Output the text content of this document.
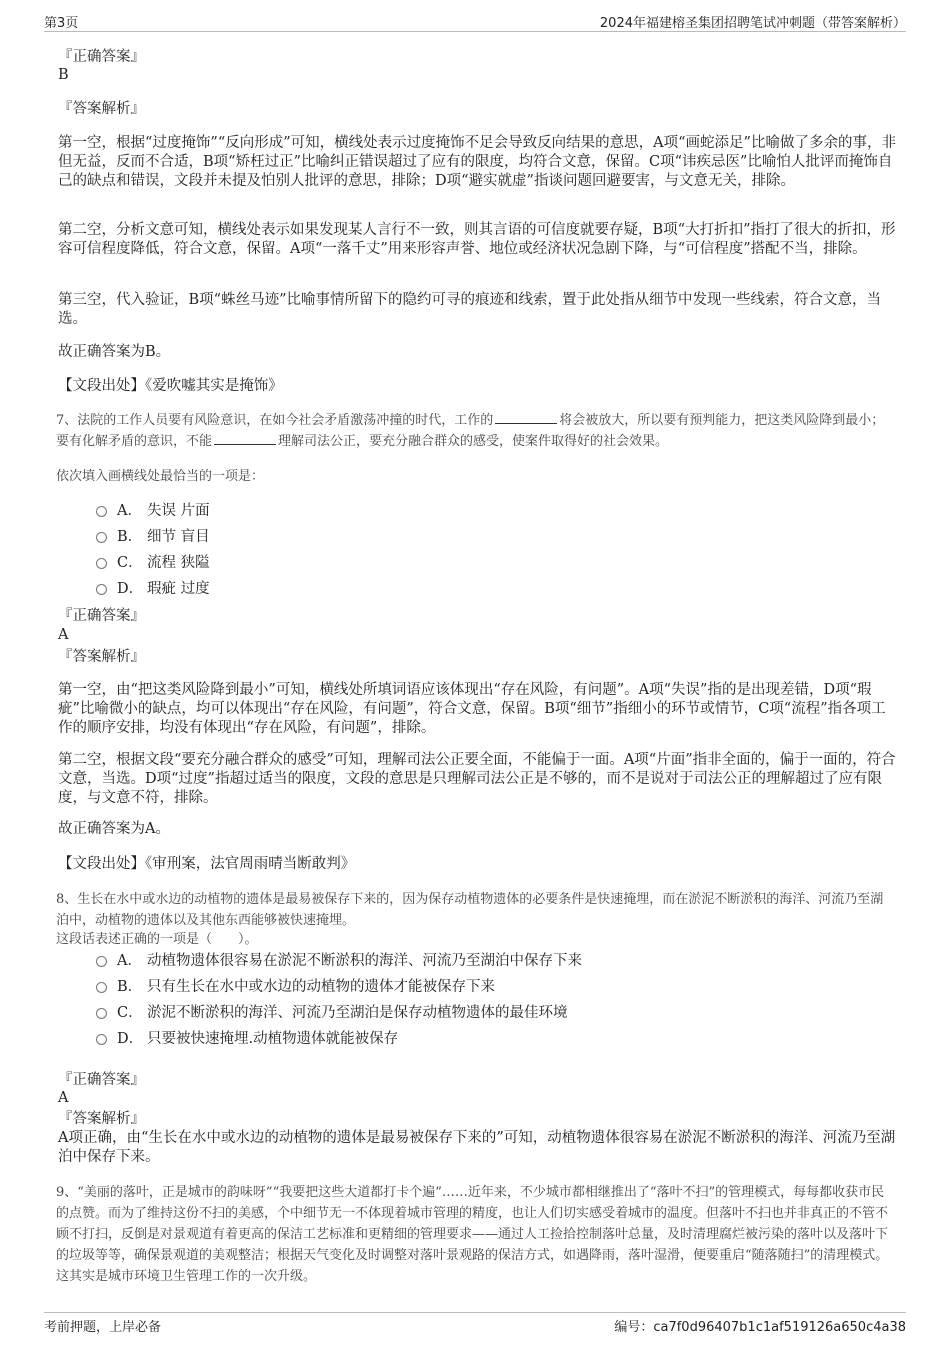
第3页	2024年福建榕圣集团招聘笔试冲刺题（带答案解析）
『正确答案』
B
『答案解析』
第一空，根据“过度掩饰”“反向形成”可知，横线处表示过度掩饰不足会导致反向结果的意思，A项“画蛇添足”比喻做了多余的事，非但无益，反而不合适，B项“矫枉过正”比喻纠正错误超过了应有的限度，均符合文意，保留。C项“讳疾忌医”比喻怕人批评而掩饰自己的缺点和错误，文段并未提及怕别人批评的意思，排除；D项“避实就虚”指谈问题回避要害，与文意无关，排除。
第二空，分析文意可知，横线处表示如果发现某人言行不一致，则其言语的可信度就要存疑，B项“大打折扣”指打了很大的折扣，形容可信程度降低，符合文意，保留。A项“一落千丈”用来形容声誉、地位或经济状况急剧下降，与“可信程度”搭配不当，排除。
第三空，代入验证，B项“蛛丝马迹”比喻事情所留下的隐约可寻的痕迹和线索，置于此处指从细节中发现一些线索，符合文意，当选。
故正确答案为B。
【文段出处】《爱吹嘘其实是掩饰》
7、法院的工作人员要有风险意识，在如今社会矛盾激荡冲撞的时代，工作的	将会被放大，所以要有预判能力，把这类风险降到最小；要有化解矛盾的意识，不能	理解司法公正，要充分融合群众的感受，使案件取得好的社会效果。
依次填入画横线处最恰当的一项是：
A． 失误 片面
B． 细节 盲目
C． 流程 狭隘
D． 瑕疵 过度
『正确答案』
A
『答案解析』
第一空，由“把这类风险降到最小”可知，横线处所填词语应该体现出“存在风险，有问题”。A项“失误”指的是出现差错，D项“瑕疵”比喻微小的缺点，均可以体现出“存在风险，有问题”，符合文意，保留。B项“细节”指细小的环节或情节，C项“流程”指各项工作的顺序安排，均没有体现出“存在风险，有问题”，排除。
第二空，根据文段“要充分融合群众的感受”可知，理解司法公正要全面，不能偏于一面。A项“片面”指非全面的，偏于一面的，符合文意，当选。D项“过度”指超过适当的限度，文段的意思是只理解司法公正是不够的，而不是说对于司法公正的理解超过了应有限度，与文意不符，排除。
故正确答案为A。
【文段出处】《审刑案，法官周雨晴当断敢判》
8、生长在水中或水边的动植物的遗体是最易被保存下来的，因为保存动植物遗体的必要条件是快速掩埋，而在淤泥不断淤积的海洋、河流乃至湖泊中，动植物的遗体以及其他东西能够被快速掩埋。
这段话表述正确的一项是（　　）。
A． 动植物遗体很容易在淤泥不断淤积的海洋、河流乃至湖泊中保存下来
B． 只有生长在水中或水边的动植物的遗体才能被保存下来
C． 淤泥不断淤积的海洋、河流乃至湖泊是保存动植物遗体的最佳环境
D． 只要被快速掩埋.动植物遗体就能被保存
『正确答案』
A
『答案解析』
A项正确，由“生长在水中或水边的动植物的遗体是最易被保存下来的”可知，动植物遗体很容易在淤泥不断淤积的海洋、河流乃至湖泊中保存下来。
9、“美丽的落叶，正是城市的韵味呀”“我要把这些大道都打卡个遍”……近年来，不少城市都相继推出了“落叶不扫”的管理模式，每每都收获市民的点赞。而为了维持这份不扫的美感，个中细节无一不体现着城市管理的精度，也让人们切实感受着城市的温度。但落叶不扫也并非真正的不管不顾不打扫，反倒是对景观道有着更高的保洁工艺标准和更精细的管理要求——通过人工捡拾控制落叶总量，及时清理腐烂被污染的落叶以及落叶下的垃圾等等，确保景观道的美观整洁；根据天气变化及时调整对落叶景观路的保洁方式，如遇降雨，落叶湿滑，便要重启“随落随扫”的清理模式。这其实是城市环境卫生管理工作的一次升级。
考前押题，上岸必备	编号：ca7f0d96407b1c1af519126a650c4a38
